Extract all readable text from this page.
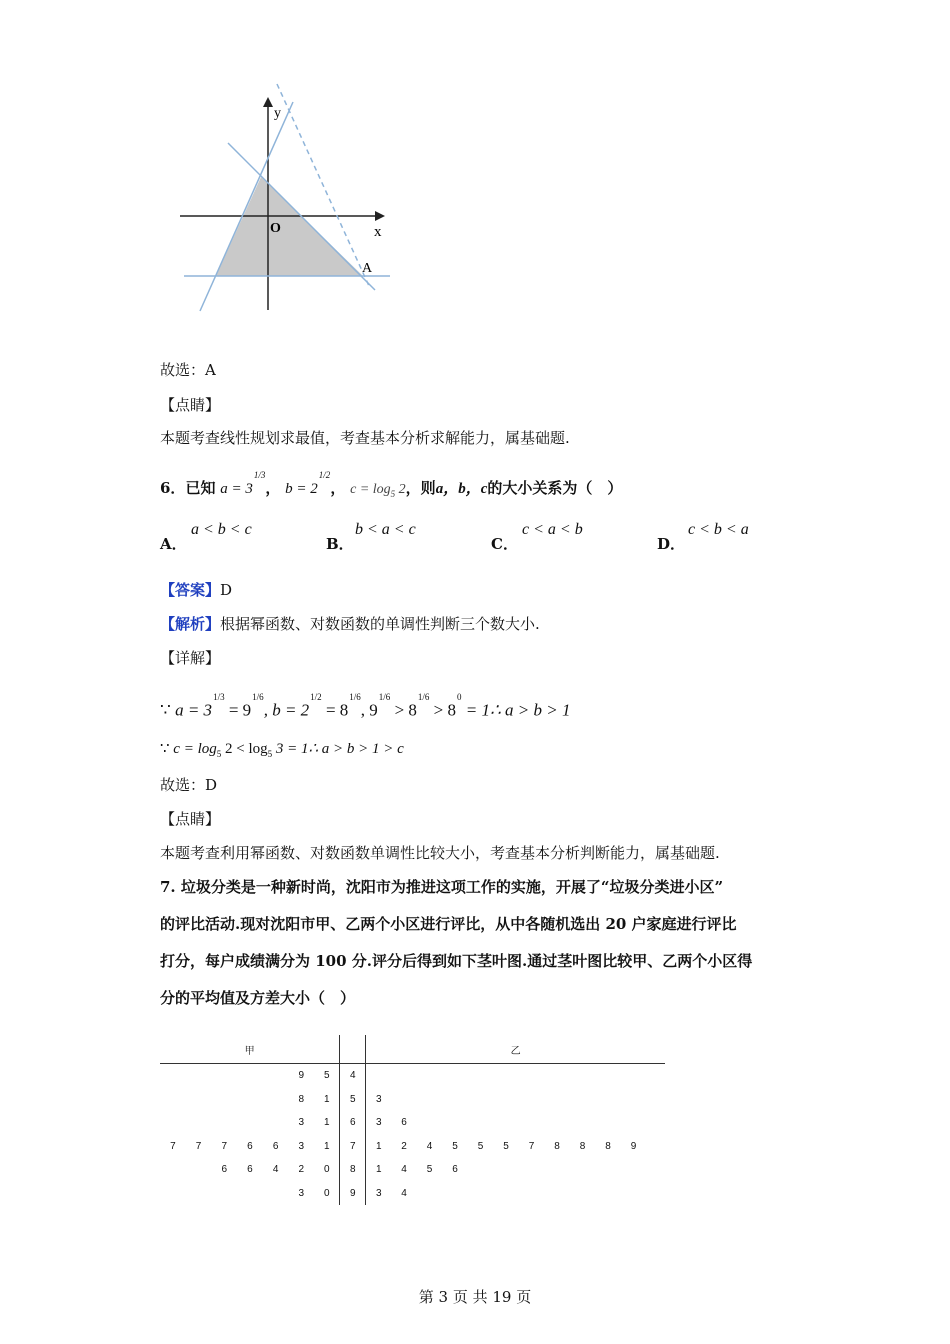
y
x
O
A
故选：A
【点睛】
本题考查线性规划求最值，考查基本分析求解能力，属基础题.
6．已知 $a = 3^{1/3}$， $b = 2^{1/2}$， $c = \log_5 2$，则a，b，c的大小关系为（　）
A．
a < b < c
B．
b < a < c
C．
c < a < b
D．
c < b < a
【答案】D
【解析】根据幂函数、对数函数的单调性判断三个数大小.
【详解】
∵ $a = 3^{1/3} = 9^{1/6}$, $b = 2^{1/2} = 8^{1/6}$, $9^{1/6} > 8^{1/6} > 8^0$ = 1∴ a > b > 1
∵ $c = \log_5 2 < \log_5 3$ = 1∴ a > b > 1 > c
故选：D
【点睛】
本题考查利用幂函数、对数函数单调性比较大小，考查基本分析判断能力，属基础题.
7. 垃圾分类是一种新时尚，沈阳市为推进这项工作的实施，开展了“垃圾分类进小区”
的评比活动.现对沈阳市甲、乙两个小区进行评比，从中各随机选出 20 户家庭进行评比
打分，每户成绩满分为 100 分.评分后得到如下茎叶图.通过茎叶图比较甲、乙两个小区得
分的平均值及方差大小（　）
甲								乙											
					9	5	4												
					8	1	5	3											
					3	1	6	3	6										
7	7	7	6	6	3	1	7	1	2	4	5	5	5	7	8	8	8	9	
		6	6	4	2	0	8	1	4	5	6								
					3	0	9	3	4										
第 3 页 共 19 页
